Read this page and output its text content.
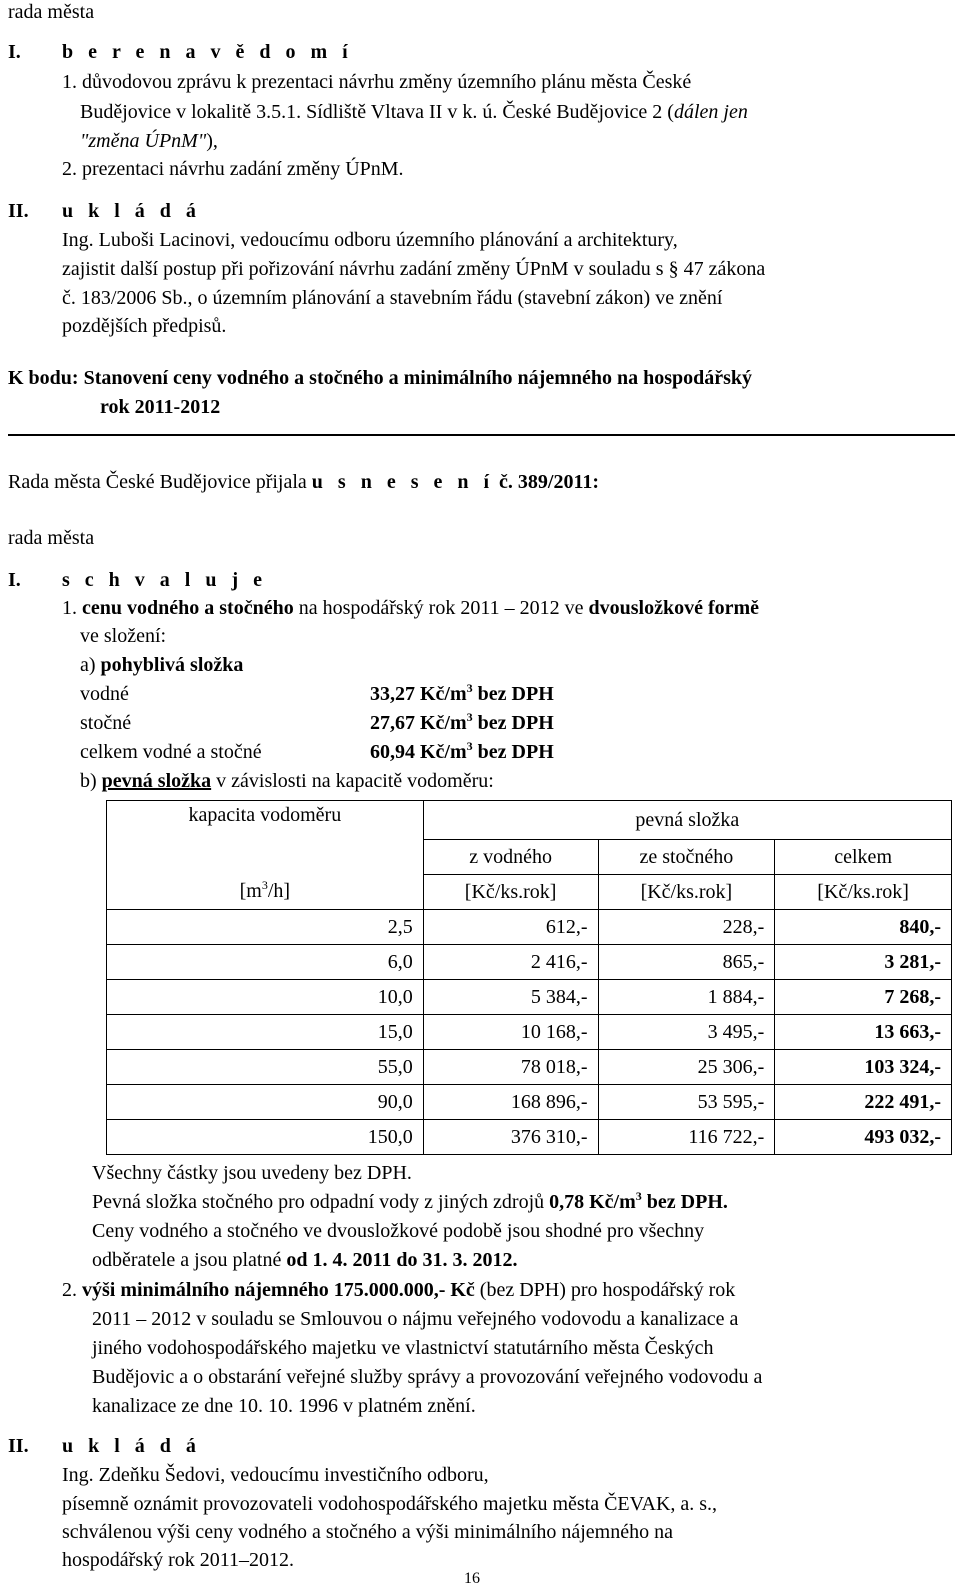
rada města
I. b e r e n a v ě d o m í
1. důvodovou zprávu k prezentaci návrhu změny územního plánu města České
Budějovice v lokalitě 3.5.1. Sídliště Vltava II v k. ú. České Budějovice 2 (dálen jen
"změna ÚPnM"),
2. prezentaci návrhu zadání změny ÚPnM.
II. u k l á d á
Ing. Luboši Lacinovi, vedoucímu odboru územního plánování a architektury,
zajistit další postup při pořizování návrhu zadání změny ÚPnM v souladu s § 47 zákona
č. 183/2006 Sb., o územním plánování a stavebním řádu (stavební zákon) ve znění
pozdějších předpisů.
K bodu: Stanovení ceny vodného a stočného a minimálního nájemného na hospodářský
rok 2011-2012
Rada města České Budějovice přijala u s n e s e n í č. 389/2011:
rada města
I. s c h v a l u j e
1. cenu vodného a stočného na hospodářský rok 2011 – 2012 ve dvousložkové formě
ve složení:
a) pohyblivá složka
vodné	33,27 $Kč/m^3$ bez DPH
stočné	27,67 $Kč/m^3$ bez DPH
celkem vodné a stočné	60,94 $Kč/m^3$ bez DPH
b) pevná složka v závislosti na kapacitě vodoměru:
kapacita vodoměru	pevná složka		
	z vodného	ze stočného	celkem
$[m^3/h]$	[Kč/ks.rok]	[Kč/ks.rok]	[Kč/ks.rok]
2,5	612,-	228,-	840,-
6,0	2 416,-	865,-	3 281,-
10,0	5 384,-	1 884,-	7 268,-
15,0	10 168,-	3 495,-	13 663,-
55,0	78 018,-	25 306,-	103 324,-
90,0	168 896,-	53 595,-	222 491,-
150,0	376 310,-	116 722,-	493 032,-
Všechny částky jsou uvedeny bez DPH.
Pevná složka stočného pro odpadní vody z jiných zdrojů 0,78 $Kč/m^3$ bez DPH.
Ceny vodného a stočného ve dvousložkové podobě jsou shodné pro všechny
odběratele a jsou platné od 1. 4. 2011 do 31. 3. 2012.
2. výši minimálního nájemného 175.000.000,- Kč (bez DPH) pro hospodářský rok
2011 – 2012 v souladu se Smlouvou o nájmu veřejného vodovodu a kanalizace a
jiného vodohospodářského majetku ve vlastnictví statutárního města Českých
Budějovic a o obstarání veřejné služby správy a provozování veřejného vodovodu a
kanalizace ze dne 10. 10. 1996 v platném znění.
II. u k l á d á
Ing. Zdeňku Šedovi, vedoucímu investičního odboru,
písemně oznámit provozovateli vodohospodářského majetku města ČEVAK, a. s.,
schválenou výši ceny vodného a stočného a výši minimálního nájemného na
hospodářský rok 2011–2012.
16
